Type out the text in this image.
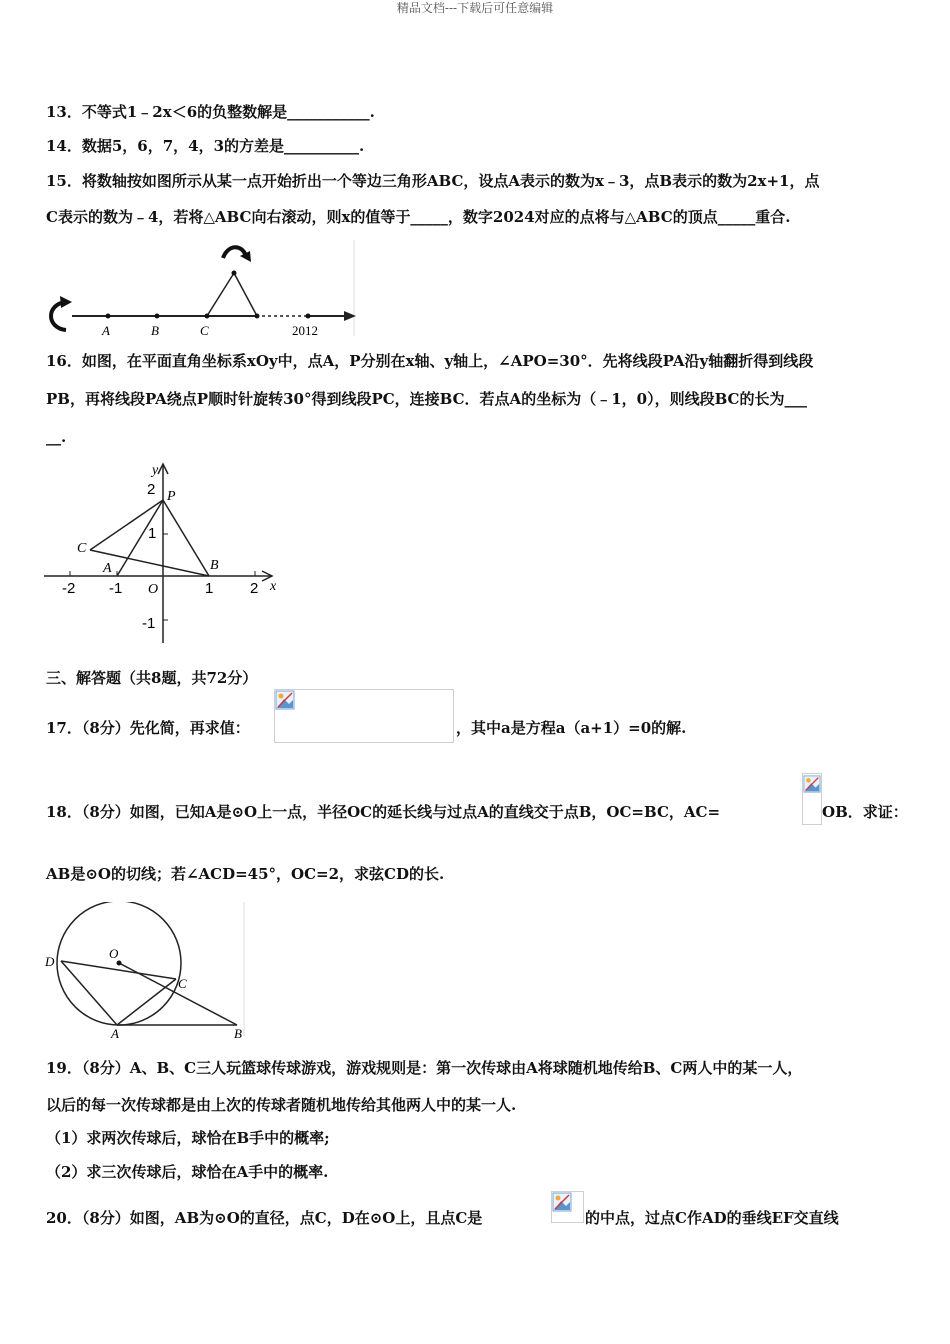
精品文档---下载后可任意编辑
13．不等式1﹣2x＜6的负整数解是___________.
14．数据5，6，7，4，3的方差是__________.
15．将数轴按如图所示从某一点开始折出一个等边三角形ABC，设点A表示的数为x﹣3，点B表示的数为2x+1，点
C表示的数为﹣4，若将△ABC向右滚动，则x的值等于_____，数字2024对应的点将与△ABC的顶点_____重合.
A	B	C	2012
16．如图，在平面直角坐标系xOy中，点A，P分别在x轴、y轴上，∠APO=30°．先将线段PA沿y轴翻折得到线段
PB，再将线段PA绕点P顺时针旋转30°得到线段PC，连接BC．若点A的坐标为（﹣1，0），则线段BC的长为___
__.
y
2 P
1
C
A	B
-2 -1 O	1 2 x
-1
三、解答题（共8题，共72分）
17．（8分）先化简，再求值：	，其中a是方程a（a+1）=0的解.
18．（8分）如图，已知A是⊙O上一点，半径OC的延长线与过点A的直线交于点B，OC=BC，AC=	OB．求证：
AB是⊙O的切线；若∠ACD=45°，OC=2，求弦CD的长.
O
D
C
A	B
19．（8分）A、B、C三人玩篮球传球游戏，游戏规则是：第一次传球由A将球随机地传给B、C两人中的某一人，
以后的每一次传球都是由上次的传球者随机地传给其他两人中的某一人.
（1）求两次传球后，球恰在B手中的概率;
（2）求三次传球后，球恰在A手中的概率.
20．（8分）如图，AB为⊙O的直径，点C，D在⊙O上，且点C是	的中点，过点C作AD的垂线EF交直线
